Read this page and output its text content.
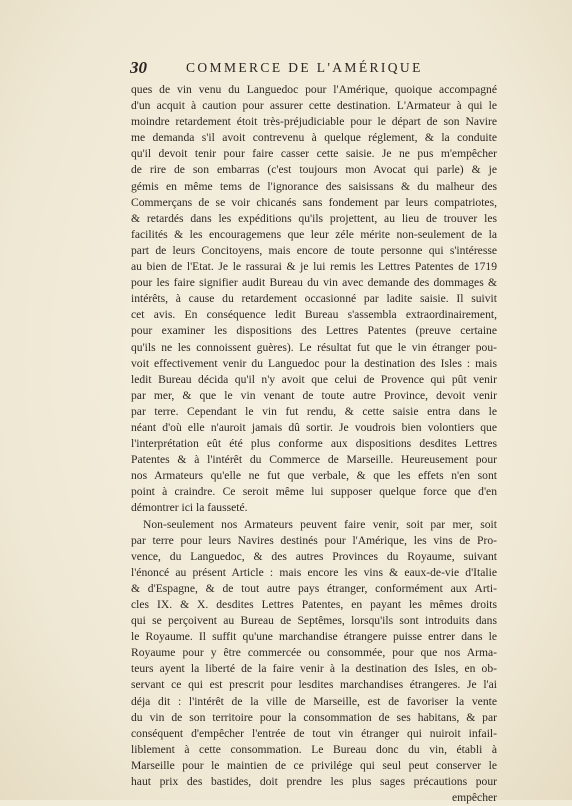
30	COMMERCE DE L'AMÉRIQUE
ques de vin venu du Languedoc pour l'Amérique, quoique accompagné
d'un acquit à caution pour assurer cette destination. L'Armateur à qui le
moindre retardement étoit très-préjudiciable pour le départ de son Navire
me demanda s'il avoit contrevenu à quelque réglement, & la conduite
qu'il devoit tenir pour faire casser cette saisie. Je ne pus m'empêcher
de rire de son embarras (c'est toujours mon Avocat qui parle) & je
gémis en même tems de l'ignorance des saisissans & du malheur des
Commerçans de se voir chicanés sans fondement par leurs compatriotes,
& retardés dans les expéditions qu'ils projettent, au lieu de trouver les
facilités & les encouragemens que leur zéle mérite non-seulement de la
part de leurs Concitoyens, mais encore de toute personne qui s'intéresse
au bien de l'Etat. Je le rassurai & je lui remis les Lettres Patentes de 1719
pour les faire signifier audit Bureau du vin avec demande des dommages &
intérêts, à cause du retardement occasionné par ladite saisie. Il suivit
cet avis. En conséquence ledit Bureau s'assembla extraordinairement,
pour examiner les dispositions des Lettres Patentes (preuve certaine
qu'ils ne les connoissent guères). Le résultat fut que le vin étranger pou-
voit effectivement venir du Languedoc pour la destination des Isles : mais
ledit Bureau décida qu'il n'y avoit que celui de Provence qui pût venir
par mer, & que le vin venant de toute autre Province, devoit venir
par terre. Cependant le vin fut rendu, & cette saisie entra dans le
néant d'où elle n'auroit jamais dû sortir. Je voudrois bien volontiers que
l'interprétation eût été plus conforme aux dispositions desdites Lettres
Patentes & à l'intérêt du Commerce de Marseille. Heureusement pour
nos Armateurs qu'elle ne fut que verbale, & que les effets n'en sont
point à craindre. Ce seroit même lui supposer quelque force que d'en
démontrer ici la fausseté.
Non-seulement nos Armateurs peuvent faire venir, soit par mer, soit
par terre pour leurs Navires destinés pour l'Amérique, les vins de Pro-
vence, du Languedoc, & des autres Provinces du Royaume, suivant
l'énoncé au présent Article : mais encore les vins & eaux-de-vie d'Italie
& d'Espagne, & de tout autre pays étranger, conformément aux Arti-
cles IX. & X. desdites Lettres Patentes, en payant les mêmes droits
qui se perçoivent au Bureau de Septêmes, lorsqu'ils sont introduits dans
le Royaume. Il suffit qu'une marchandise étrangere puisse entrer dans le
Royaume pour y être commercée ou consommée, pour que nos Arma-
teurs ayent la liberté de la faire venir à la destination des Isles, en ob-
servant ce qui est prescrit pour lesdites marchandises étrangeres. Je l'ai
déja dit : l'intérêt de la ville de Marseille, est de favoriser la vente
du vin de son territoire pour la consommation de ses habitans, & par
conséquent d'empêcher l'entrée de tout vin étranger qui nuiroit infail-
liblement à cette consommation. Le Bureau donc du vin, établi à
Marseille pour le maintien de ce privilége qui seul peut conserver le
haut prix des bastides, doit prendre les plus sages précautions pour
empêcher
